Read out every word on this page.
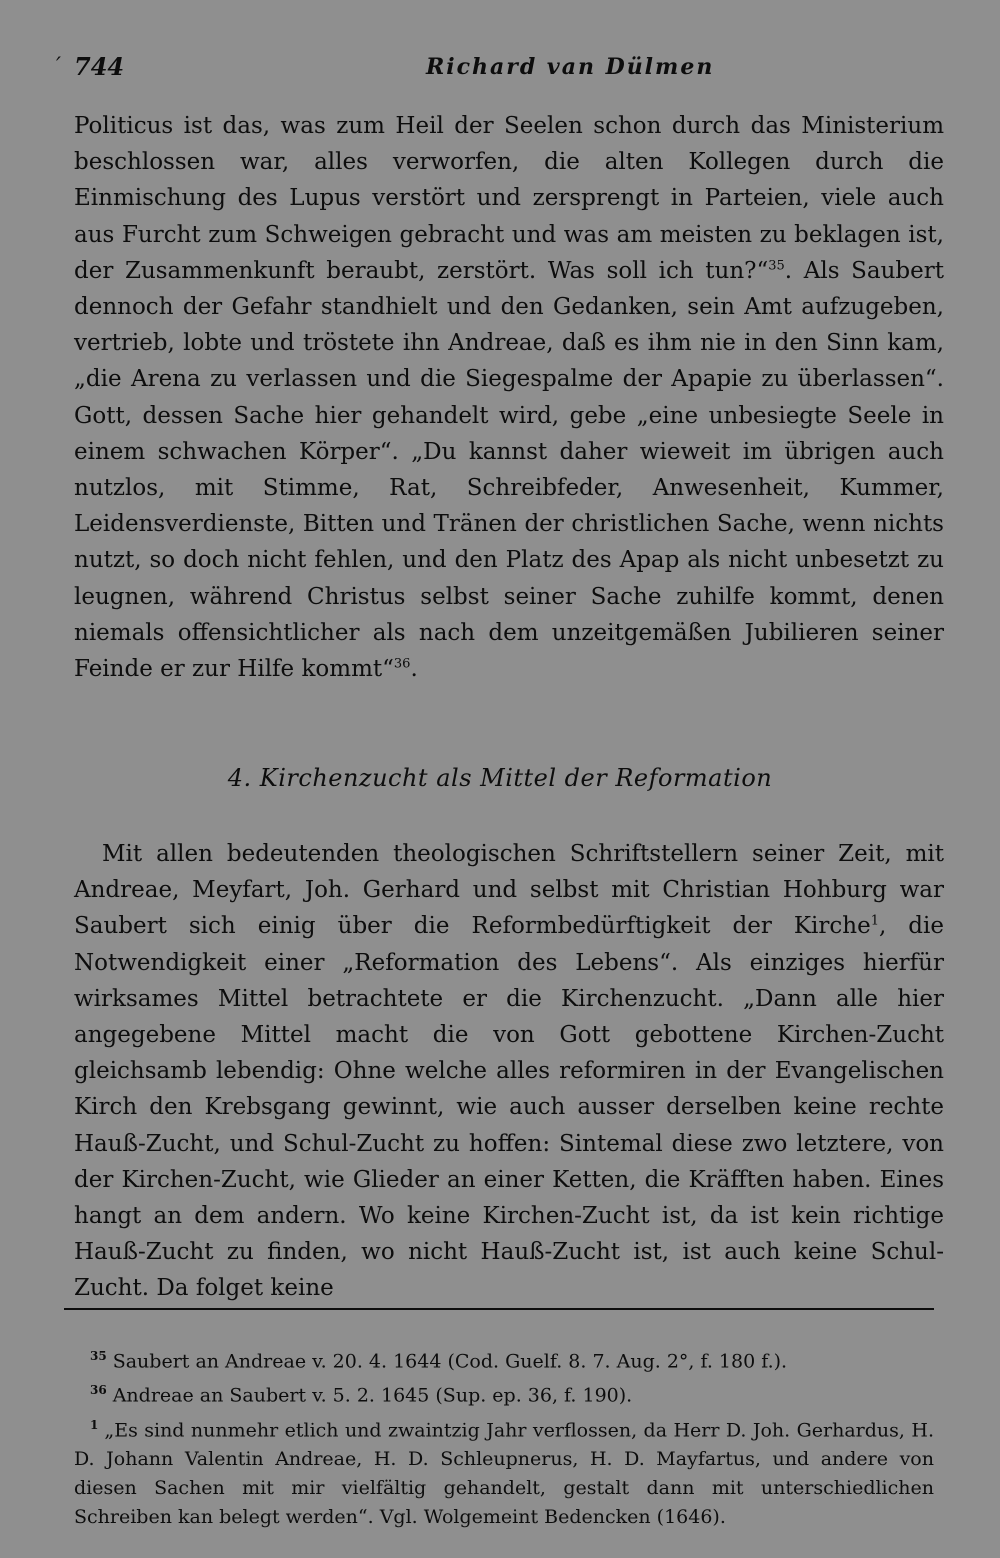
′ 744	Richard van Dülmen

Politicus ist das, was zum Heil der Seelen schon durch das Ministerium beschlossen war, alles verworfen, die alten Kollegen durch die Einmischung des Lupus verstört und zersprengt in Parteien, viele auch aus Furcht zum Schweigen gebracht und was am meisten zu beklagen ist, der Zusammenkunft beraubt, zerstört. Was soll ich tun?“$^{35}$. Als Saubert dennoch der Gefahr standhielt und den Gedanken, sein Amt aufzugeben, vertrieb, lobte und tröstete ihn Andreae, daß es ihm nie in den Sinn kam, „die Arena zu verlassen und die Siegespalme der Apapie zu überlassen“. Gott, dessen Sache hier gehandelt wird, gebe „eine unbesiegte Seele in einem schwachen Körper“. „Du kannst daher wieweit im übrigen auch nutzlos, mit Stimme, Rat, Schreibfeder, Anwesenheit, Kummer, Leidensverdienste, Bitten und Tränen der christlichen Sache, wenn nichts nutzt, so doch nicht fehlen, und den Platz des Apap als nicht unbesetzt zu leugnen, während Christus selbst seiner Sache zuhilfe kommt, denen niemals offensichtlicher als nach dem unzeitgemäßen Jubilieren seiner Feinde er zur Hilfe kommt“$^{36}$.

4. Kirchenzucht als Mittel der Reformation

Mit allen bedeutenden theologischen Schriftstellern seiner Zeit, mit Andreae, Meyfart, Joh. Gerhard und selbst mit Christian Hohburg war Saubert sich einig über die Reformbedürftigkeit der Kirche$^1$, die Notwendigkeit einer „Reformation des Lebens“. Als einziges hierfür wirksames Mittel betrachtete er die Kirchenzucht. „Dann alle hier angegebene Mittel macht die von Gott gebottene Kirchen-Zucht gleichsamb lebendig: Ohne welche alles reformiren in der Evangelischen Kirch den Krebsgang gewinnt, wie auch ausser derselben keine rechte Hauß-Zucht, und Schul-Zucht zu hoffen: Sintemal diese zwo letztere, von der Kirchen-Zucht, wie Glieder an einer Ketten, die Kräfften haben. Eines hangt an dem andern. Wo keine Kirchen-Zucht ist, da ist kein richtige Hauß-Zucht zu finden, wo nicht Hauß-Zucht ist, ist auch keine Schul-Zucht. Da folget keine

$^{35}$ Saubert an Andreae v. 20. 4. 1644 (Cod. Guelf. 8. 7. Aug. 2°, f. 180 f.).

$^{36}$ Andreae an Saubert v. 5. 2. 1645 (Sup. ep. 36, f. 190).

$^1$ „Es sind nunmehr etlich und zwaintzig Jahr verflossen, da Herr D. Joh. Gerhardus, H. D. Johann Valentin Andreae, H. D. Schleupnerus, H. D. Mayfartus, und andere von diesen Sachen mit mir vielfältig gehandelt, gestalt dann mit unterschiedlichen Schreiben kan belegt werden“. Vgl. Wolgemeint Bedencken (1646).
